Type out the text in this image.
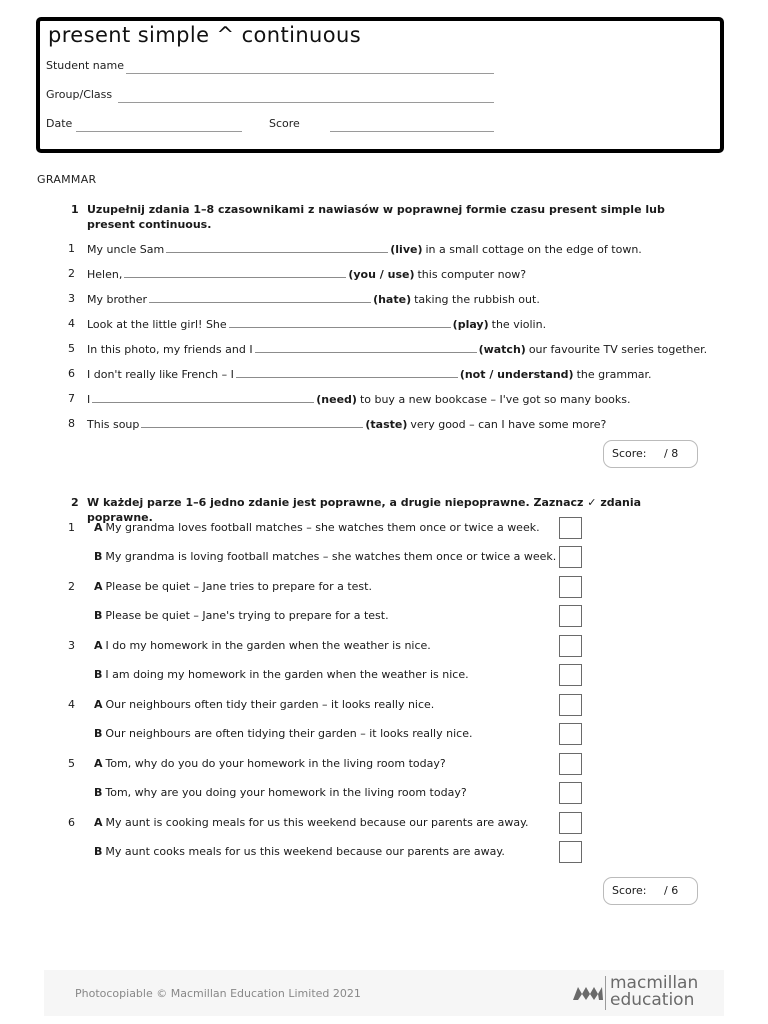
present simple ^ continuous
Student name
Group/Class
Date	Score
GRAMMAR
1 Uzupełnij zdania 1–8 czasownikami z nawiasów w poprawnej formie czasu present simple lub present continuous.
1 My uncle Sam	(live) in a small cottage on the edge of town.
2 Helen,	(you / use) this computer now?
3 My brother	(hate) taking the rubbish out.
4 Look at the little girl! She	(play) the violin.
5 In this photo, my friends and I	(watch) our favourite TV series together.
6 I don't really like French – I	(not / understand) the grammar.
7 I	(need) to buy a new bookcase – I've got so many books.
8 This soup	(taste) very good – can I have some more?
Score: / 8
2 W każdej parze 1–6 jedno zdanie jest poprawne, a drugie niepoprawne. Zaznacz ✓ zdania poprawne.
1 A My grandma loves football matches – she watches them once or twice a week.
B My grandma is loving football matches – she watches them once or twice a week.
2 A Please be quiet – Jane tries to prepare for a test.
B Please be quiet – Jane's trying to prepare for a test.
3 A I do my homework in the garden when the weather is nice.
B I am doing my homework in the garden when the weather is nice.
4 A Our neighbours often tidy their garden – it looks really nice.
B Our neighbours are often tidying their garden – it looks really nice.
5 A Tom, why do you do your homework in the living room today?
B Tom, why are you doing your homework in the living room today?
6 A My aunt is cooking meals for us this weekend because our parents are away.
B My aunt cooks meals for us this weekend because our parents are away.
Score: / 6
Photocopiable © Macmillan Education Limited 2021
macmillan
education
